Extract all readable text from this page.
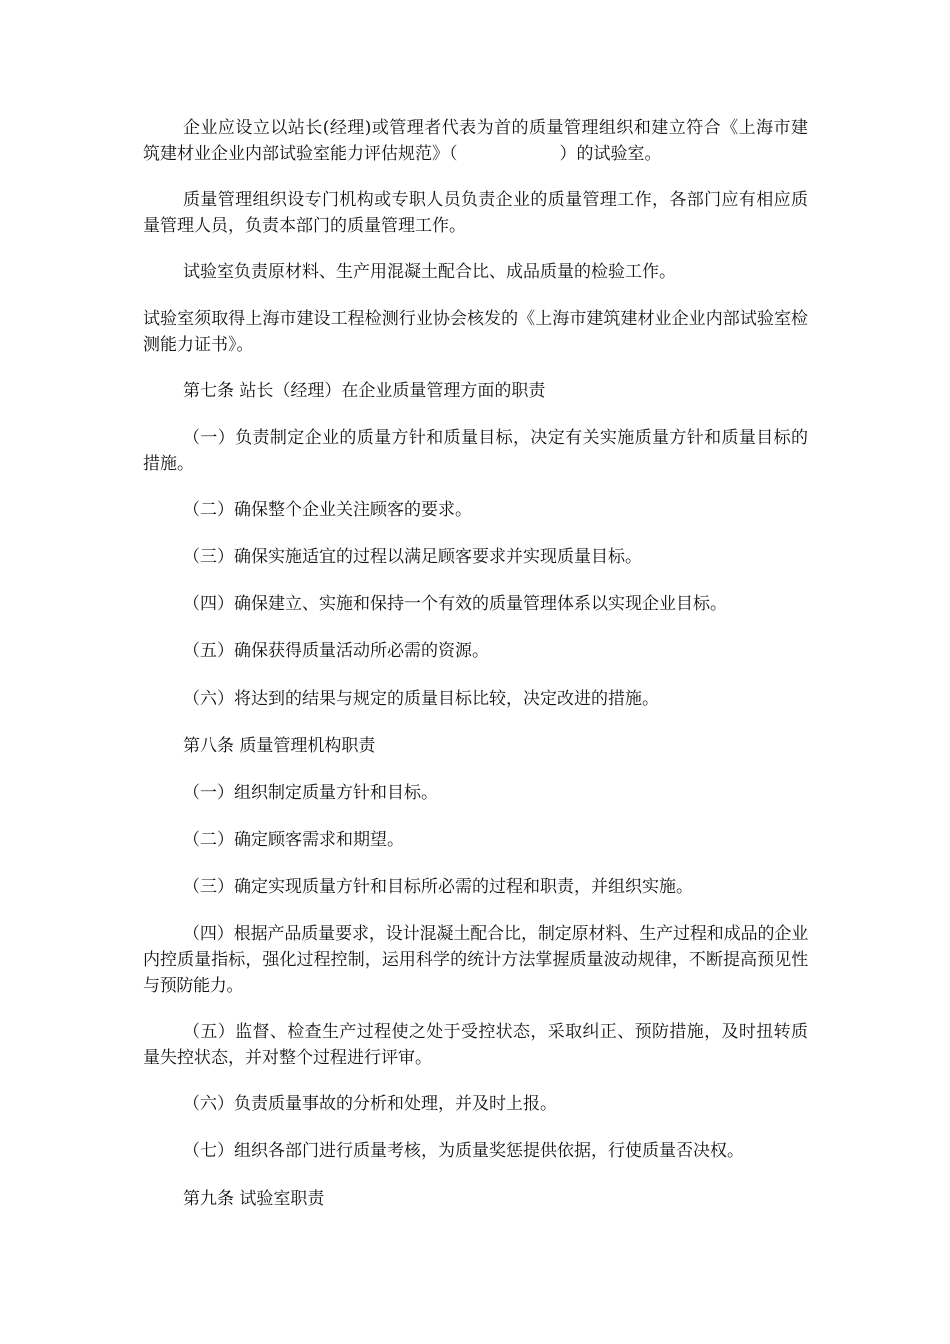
企业应设立以站长(经理)或管理者代表为首的质量管理组织和建立符合《上海市建筑建材业企业内部试验室能力评估规范》（　　　　　　）的试验室。

质量管理组织设专门机构或专职人员负责企业的质量管理工作，各部门应有相应质量管理人员，负责本部门的质量管理工作。

试验室负责原材料、生产用混凝土配合比、成品质量的检验工作。

试验室须取得上海市建设工程检测行业协会核发的《上海市建筑建材业企业内部试验室检测能力证书》。

第七条 站长（经理）在企业质量管理方面的职责

（一）负责制定企业的质量方针和质量目标，决定有关实施质量方针和质量目标的措施。

（二）确保整个企业关注顾客的要求。

（三）确保实施适宜的过程以满足顾客要求并实现质量目标。

（四）确保建立、实施和保持一个有效的质量管理体系以实现企业目标。

（五）确保获得质量活动所必需的资源。

（六）将达到的结果与规定的质量目标比较，决定改进的措施。

第八条 质量管理机构职责

（一）组织制定质量方针和目标。

（二）确定顾客需求和期望。

（三）确定实现质量方针和目标所必需的过程和职责，并组织实施。

（四）根据产品质量要求，设计混凝土配合比，制定原材料、生产过程和成品的企业内控质量指标，强化过程控制，运用科学的统计方法掌握质量波动规律，不断提高预见性与预防能力。

（五）监督、检查生产过程使之处于受控状态，采取纠正、预防措施，及时扭转质量失控状态，并对整个过程进行评审。

（六）负责质量事故的分析和处理，并及时上报。

（七）组织各部门进行质量考核，为质量奖惩提供依据，行使质量否决权。

第九条 试验室职责
